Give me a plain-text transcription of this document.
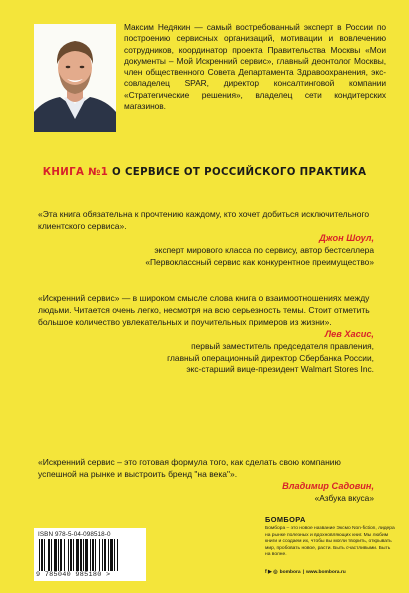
Максим Недякин — самый востребованный эксперт в России по построению сервисных организаций, мотивации и вовлечению сотрудников, координатор проекта Правительства Москвы «Мои документы – Мой Искренний сервис», главный деонтолог Москвы, член общественного Совета Департамента Здравоохранения, экс-совладелец SPAR, директор консалтинговой компании «Стратегические решения», владелец сети кондитерских магазинов.
КНИГА №1 О СЕРВИСЕ ОТ РОССИЙСКОГО ПРАКТИКА
«Эта книга обязательна к прочтению каждому, кто хочет добиться исключительного клиентского сервиса».
Джон Шоул,
эксперт мирового класса по сервису, автор бестселлера
«Первоклассный сервис как конкурентное преимущество»
«Искренний сервис» — в широком смысле слова книга о взаимоотношениях между людьми. Читается очень легко, несмотря на всю серьезность темы. Стоит отметить большое количество увлекательных и поучительных примеров из жизни».
Лев Хасис,
первый заместитель председателя правления,
главный операционный директор Сбербанка России,
экс-старший вице-президент Walmart Stores Inc.
«Искренний сервис – это готовая формула того, как сделать свою компанию успешной на рынке и выстроить бренд "на века"».
Владимир Садовин,
«Азбука вкуса»
ISBN 978-5-04-098518-0
9 785040 985180 >
БОМБОРА
Бомбора – это новое название Эксмо Non-fiction, лидера на рынке полезных и вдохновляющих книг. Мы любим книги и создаем их, чтобы вы могли творить, открывать мир, пробовать новое, расти. Быть счастливыми. Быть на волне.
f ▶ ◎ bombora | www.bombora.ru
